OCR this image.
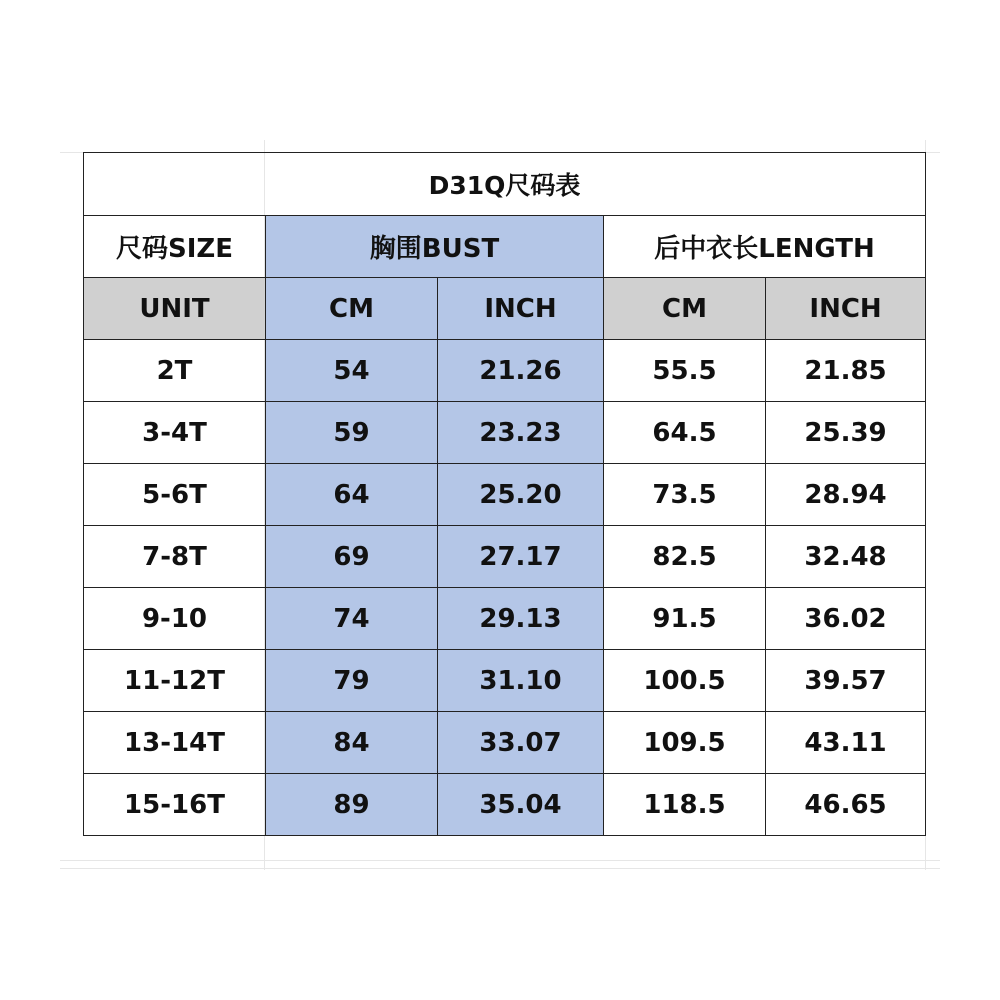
D31Q尺码表				
尺码SIZE	胸围BUST		后中衣长LENGTH	
UNIT	CM	INCH	CM	INCH
2T	54	21.26	55.5	21.85
3-4T	59	23.23	64.5	25.39
5-6T	64	25.20	73.5	28.94
7-8T	69	27.17	82.5	32.48
9-10	74	29.13	91.5	36.02
11-12T	79	31.10	100.5	39.57
13-14T	84	33.07	109.5	43.11
15-16T	89	35.04	118.5	46.65
